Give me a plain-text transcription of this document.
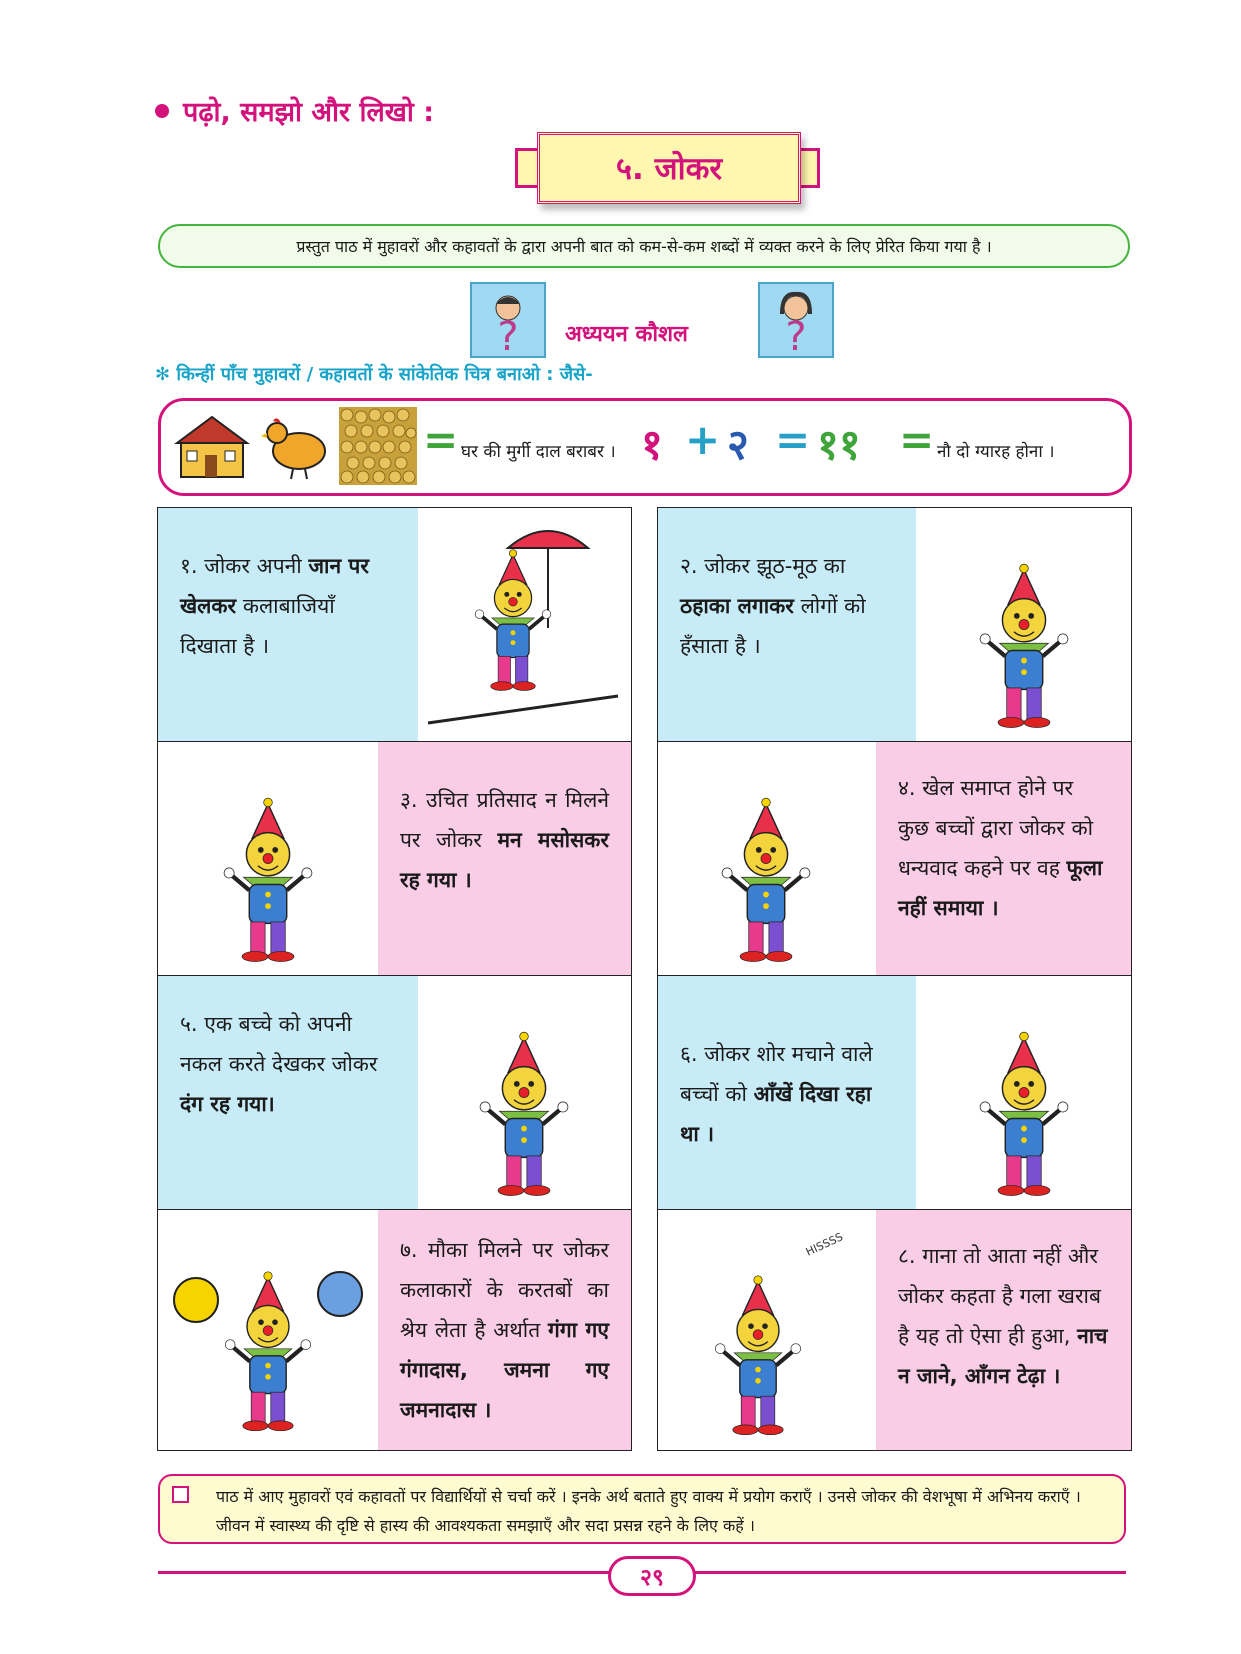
पढ़ो, समझो और लिखो :
५. जोकर
प्रस्तुत पाठ में मुहावरों और कहावतों के द्वारा अपनी बात को कम-से-कम शब्दों में व्यक्त करने के लिए प्रेरित किया गया है ।
?	?
अध्ययन कौशल
✻ किन्हीं पाँच मुहावरों / कहावतों के सांकेतिक चित्र बनाओ : जैसे-
= घर की मुर्गी दाल बराबर । १ + २ = ११ = नौ दो ग्यारह होना ।
१. जोकर अपनी जान पर खेलकर कलाबाजियाँ दिखाता है ।
२. जोकर झूठ-मूठ का ठहाका लगाकर लोगों को हँसाता है ।
३. उचित प्रतिसाद न मिलने पर जोकर मन मसोसकर रह गया ।
४. खेल समाप्त होने पर कुछ बच्चों द्वारा जोकर को धन्यवाद कहने पर वह फूला नहीं समाया ।
५. एक बच्चे को अपनी नकल करते देखकर जोकर दंग रह गया।
६. जोकर शोर मचाने वाले बच्चों को आँखें दिखा रहा था ।
७. मौका मिलने पर जोकर कलाकारों के करतबों का श्रेय लेता है अर्थात गंगा गए गंगादास, जमना गए जमनादास ।
HISSSS	८. गाना तो आता नहीं और जोकर कहता है गला खराब है यह तो ऐसा ही हुआ, नाच न जाने, आँगन टेढ़ा ।
पाठ में आए मुहावरों एवं कहावतों पर विद्यार्थियों से चर्चा करें । इनके अर्थ बताते हुए वाक्य में प्रयोग कराएँ । उनसे जोकर की वेशभूषा में अभिनय कराएँ । जीवन में स्वास्थ्य की दृष्टि से हास्य की आवश्यकता समझाएँ और सदा प्रसन्न रहने के लिए कहें ।
२९
